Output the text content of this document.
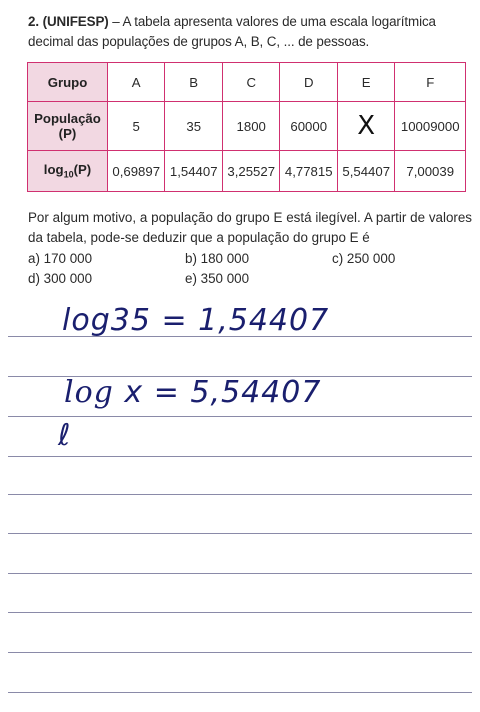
2. (UNIFESP) – A tabela apresenta valores de uma escala logarítmica decimal das populações de grupos A, B, C, ... de pessoas.
Grupo	A	B	C	D	E	F

População
(P)	5	35	1800	60000	X	10009000
$\log_{10}(P)$	0,69897	1,54407	3,25527	4,77815	5,54407	7,00039
Por algum motivo, a população do grupo E está ilegível. A partir de valores da tabela, pode-se deduzir que a população do grupo E é
a) 170 000	b) 180 000	c) 250 000
d) 300 000	e) 350 000
log35 = 1,54407
log x = 5,54407
ℓ
